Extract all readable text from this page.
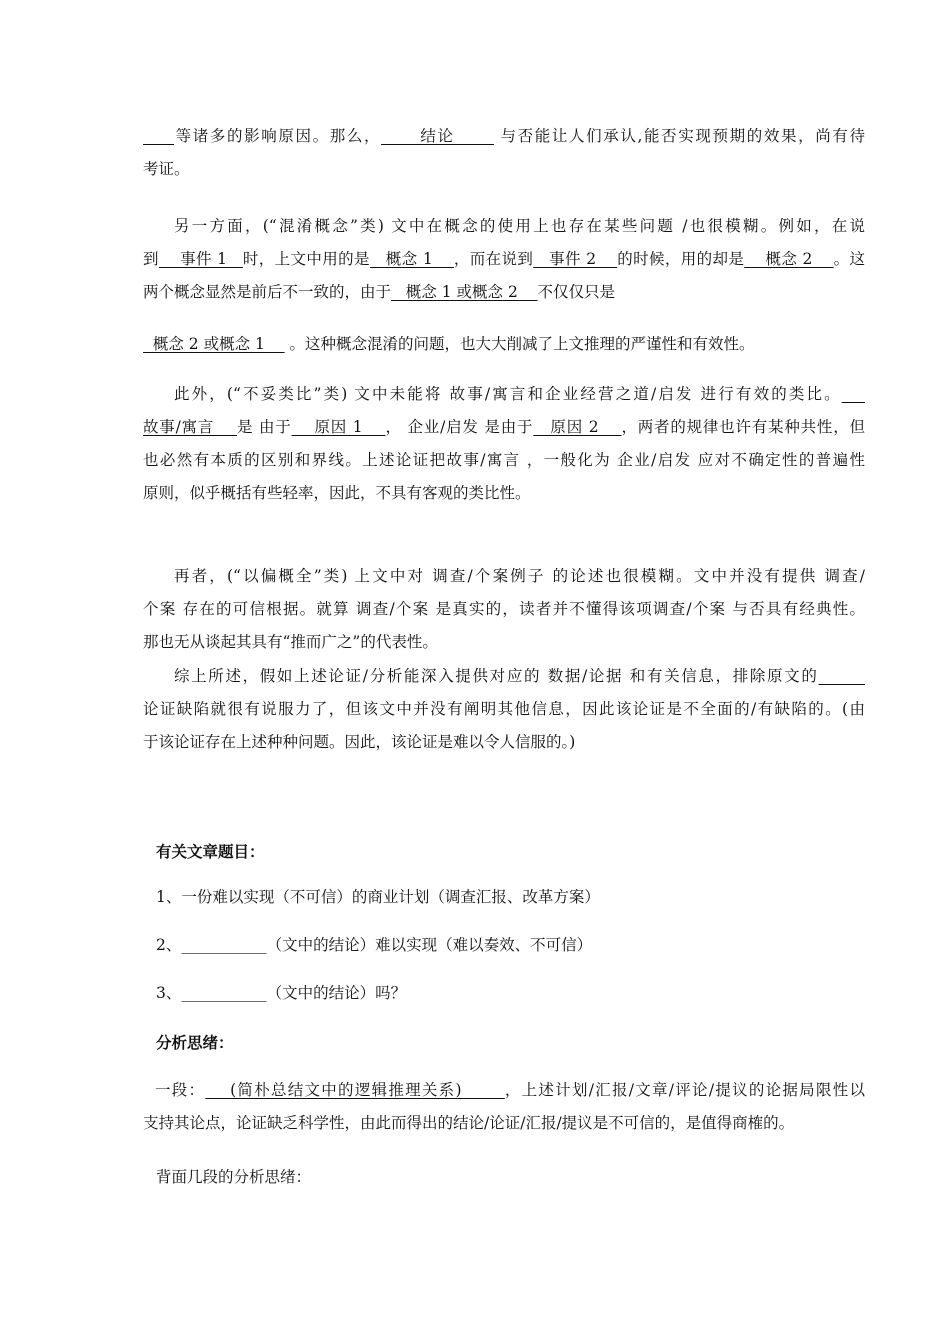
____等诸多的影响原因。那么，      结论       与否能让人们承认,能否实现预期的效果，尚有待
考证。
另一方面，(“混淆概念”类) 文中在概念的使用上也存在某些问题 /也很模糊。例如，在说
到    事件 1   时，上文中用的是   概念 1    ，而在说到   事件 2    的时候，用的却是    概念 2    。这
两个概念显然是前后不一致的，由于   概念 1 或概念 2    不仅仅只是
概念 2 或概念 1     。这种概念混淆的问题，也大大削减了上文推理的严谨性和有效性。
此外，(“不妥类比”类) 文中未能将 故事/寓言和企业经营之道/启发 进行有效的类比。___
故事/寓言    是 由于    原因 1    ， 企业/启发 是由于   原因 2    ，两者的规律也许有某种共性，但
也必然有本质的区别和界线。上述论证把故事/寓言 ，一般化为 企业/启发 应对不确定性的普遍性
原则，似乎概括有些轻率，因此，不具有客观的类比性。
再者，(“以偏概全”类) 上文中对 调查/个案例子 的论述也很模糊。文中并没有提供 调查/
个案 存在的可信根据。就算 调查/个案 是真实的，读者并不懂得该项调查/个案 与否具有经典性。
那也无从谈起其具有“推而广之”的代表性。
综上所述，假如上述论证/分析能深入提供对应的 数据/论据 和有关信息，排除原文的______
论证缺陷就很有说服力了，但该文中并没有阐明其他信息，因此该论证是不全面的/有缺陷的。(由
于该论证存在上述种种问题。因此，该论证是难以令人信服的。)
有关文章题目：
1、一份难以实现（不可信）的商业计划（调查汇报、改革方案）
2、___________（文中的结论）难以实现（难以奏效、不可信）
3、___________（文中的结论）吗？
分析思绪：
一段：    (简朴总结文中的逻辑推理关系)       ，上述计划/汇报/文章/评论/提议的论据局限性以
支持其论点，论证缺乏科学性，由此而得出的结论/论证/汇报/提议是不可信的，是值得商榷的。
背面几段的分析思绪：
